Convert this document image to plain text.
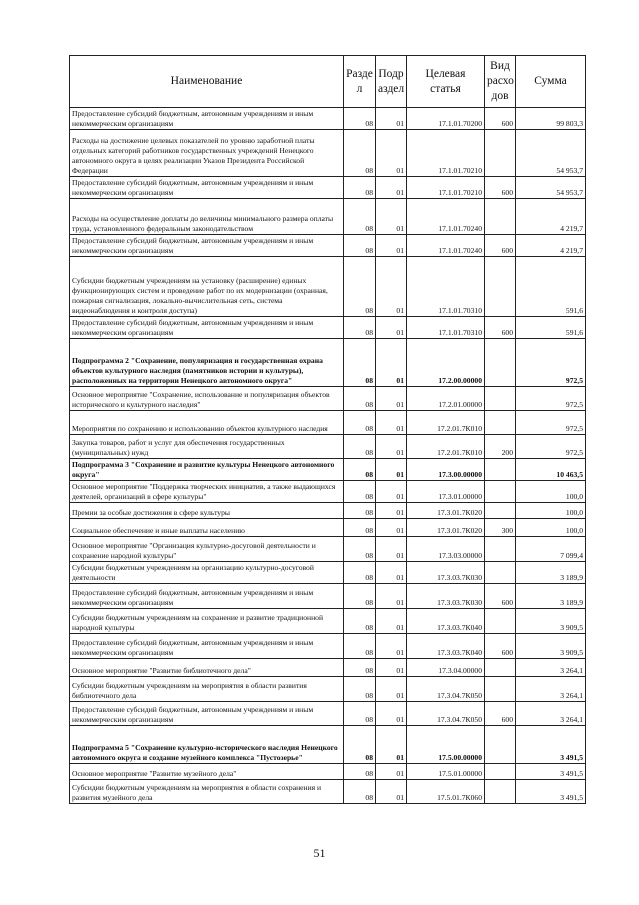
Наименование	Разде л	Подр аздел	Целевая статья	Вид расхо дов	Сумма
Предоставление субсидий бюджетным, автономным учреждениям и иным некоммерческим организациям	08	01	17.1.01.70200	600	99 803,3
Расходы на достижение целевых показателей по уровню заработной платы отдельных категорий работников государственных учреждений Ненецкого автономного округа в целях реализации Указов Президента Российской Федерации	08	01	17.1.01.70210		54 953,7
Предоставление субсидий бюджетным, автономным учреждениям и иным некоммерческим организациям	08	01	17.1.01.70210	600	54 953,7
Расходы на осуществление доплаты до величины минимального размера оплаты труда, установленного федеральным законодательством	08	01	17.1.01.70240		4 219,7
Предоставление субсидий бюджетным, автономным учреждениям и иным некоммерческим организациям	08	01	17.1.01.70240	600	4 219,7
Субсидии бюджетным учреждениям на установку (расширение) единых функционирующих систем и проведение работ по их модернизации (охранная, пожарная сигнализация, локально-вычислительная сеть, система видеонаблюдения и контроля доступа)	08	01	17.1.01.70310		591,6
Предоставление субсидий бюджетным, автономным учреждениям и иным некоммерческим организациям	08	01	17.1.01.70310	600	591,6
Подпрограмма 2 "Сохранение, популяризация и государственная охрана объектов культурного наследия (памятников истории и культуры), расположенных на территории Ненецкого автономного округа"	08	01	17.2.00.00000		972,5
Основное мероприятие "Сохранение, использование и популяризация объектов исторического и культурного наследия"	08	01	17.2.01.00000		972,5
Мероприятия по сохранению и использованию объектов культурного наследия	08	01	17.2.01.7К010		972,5
Закупка товаров, работ и услуг для обеспечения государственных (муниципальных) нужд	08	01	17.2.01.7К010	200	972,5
Подпрограмма 3 "Сохранение и развитие культуры Ненецкого автономного округа"	08	01	17.3.00.00000		10 463,5
Основное мероприятие "Поддержка творческих инициатив, а также выдающихся деятелей, организаций в сфере культуры"	08	01	17.3.01.00000		100,0
Премии за особые достижения в сфере культуры	08	01	17.3.01.7К020		100,0
Социальное обеспечение и иные выплаты населению	08	01	17.3.01.7К020	300	100,0
Основное мероприятие "Организация культурно-досуговой деятельности и сохранение народной культуры"	08	01	17.3.03.00000		7 099,4
Субсидии бюджетным учреждениям на организацию культурно-досуговой деятельности	08	01	17.3.03.7К030		3 189,9
Предоставление субсидий бюджетным, автономным учреждениям и иным некоммерческим организациям	08	01	17.3.03.7К030	600	3 189,9
Субсидии бюджетным учреждениям на сохранение и развитие традиционной народной культуры	08	01	17.3.03.7К040		3 909,5
Предоставление субсидий бюджетным, автономным учреждениям и иным некоммерческим организациям	08	01	17.3.03.7К040	600	3 909,5
Основное мероприятие "Развитие библиотечного дела"	08	01	17.3.04.00000		3 264,1
Субсидии бюджетным учреждениям на мероприятия в области развития библиотечного дела	08	01	17.3.04.7К050		3 264,1
Предоставление субсидий бюджетным, автономным учреждениям и иным некоммерческим организациям	08	01	17.3.04.7К050	600	3 264,1
Подпрограмма 5 "Сохранение культурно-исторического наследия Ненецкого автономного округа и создание музейного комплекса "Пустозерье"	08	01	17.5.00.00000		3 491,5
Основное мероприятие "Развитие музейного дела"	08	01	17.5.01.00000		3 491,5
Субсидии бюджетным учреждениям на мероприятия в области сохранения и развития музейного дела	08	01	17.5.01.7К060		3 491,5
51
